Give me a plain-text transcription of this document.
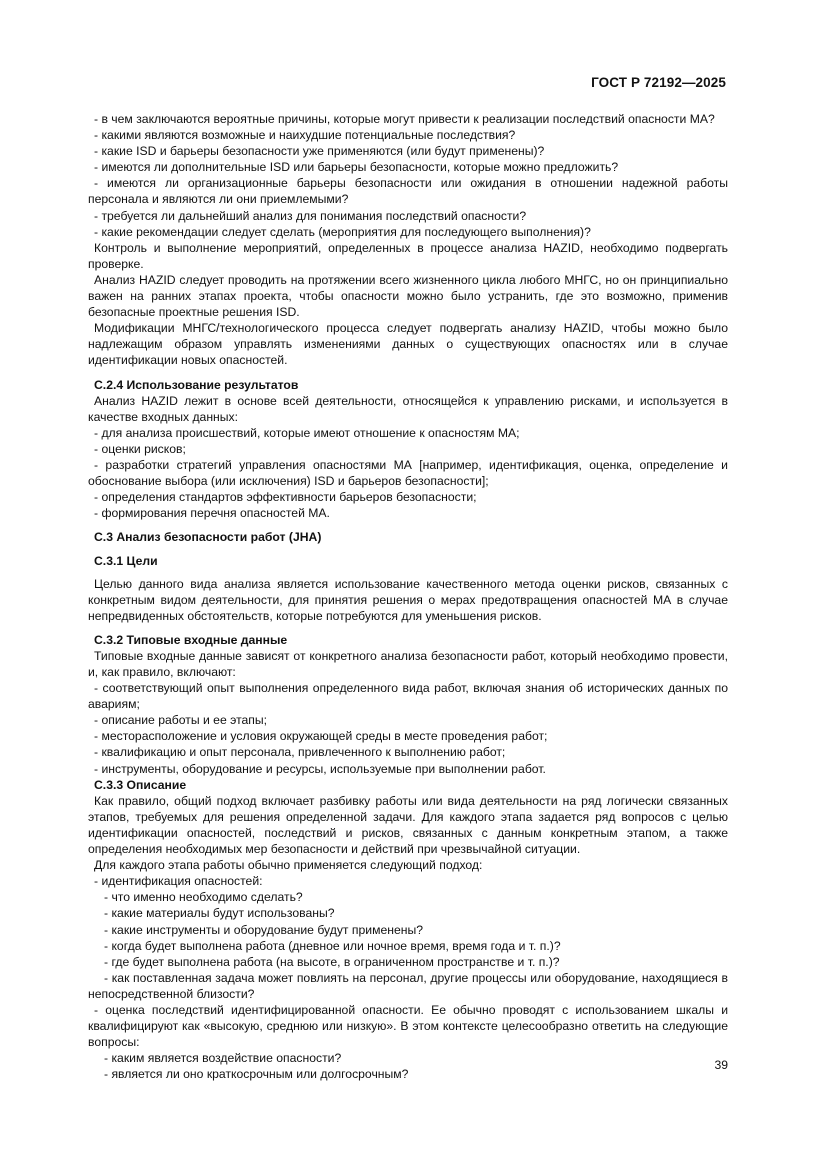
ГОСТ Р 72192—2025

- в чем заключаются вероятные причины, которые могут привести к реализации последствий опасности МА?

- какими являются возможные и наихудшие потенциальные последствия?

- какие ISD и барьеры безопасности уже применяются (или будут применены)?

- имеются ли дополнительные ISD или барьеры безопасности, которые можно предложить?

- имеются ли организационные барьеры безопасности или ожидания в отношении надежной работы персонала и являются ли они приемлемыми?

- требуется ли дальнейший анализ для понимания последствий опасности?

- какие рекомендации следует сделать (мероприятия для последующего выполнения)?

Контроль и выполнение мероприятий, определенных в процессе анализа HAZID, необходимо подвергать проверке.

Анализ HAZID следует проводить на протяжении всего жизненного цикла любого МНГС, но он принципиально важен на ранних этапах проекта, чтобы опасности можно было устранить, где это возможно, применив безопасные проектные решения ISD.

Модификации МНГС/технологического процесса следует подвергать анализу HAZID, чтобы можно было надлежащим образом управлять изменениями данных о существующих опасностях или в случае идентификации новых опасностей.

С.2.4 Использование результатов

Анализ HAZID лежит в основе всей деятельности, относящейся к управлению рисками, и используется в качестве входных данных:

- для анализа происшествий, которые имеют отношение к опасностям МА;

- оценки рисков;

- разработки стратегий управления опасностями МА [например, идентификация, оценка, определение и обоснование выбора (или исключения) ISD и барьеров безопасности];

- определения стандартов эффективности барьеров безопасности;

- формирования перечня опасностей МА.

С.3 Анализ безопасности работ (JHA)

С.3.1 Цели

Целью данного вида анализа является использование качественного метода оценки рисков, связанных с конкретным видом деятельности, для принятия решения о мерах предотвращения опасностей МА в случае непредвиденных обстоятельств, которые потребуются для уменьшения рисков.

С.3.2 Типовые входные данные

Типовые входные данные зависят от конкретного анализа безопасности работ, который необходимо провести, и, как правило, включают:

- соответствующий опыт выполнения определенного вида работ, включая знания об исторических данных по авариям;

- описание работы и ее этапы;

- месторасположение и условия окружающей среды в месте проведения работ;

- квалификацию и опыт персонала, привлеченного к выполнению работ;

- инструменты, оборудование и ресурсы, используемые при выполнении работ.

С.3.3 Описание

Как правило, общий подход включает разбивку работы или вида деятельности на ряд логически связанных этапов, требуемых для решения определенной задачи. Для каждого этапа задается ряд вопросов с целью идентификации опасностей, последствий и рисков, связанных с данным конкретным этапом, а также определения необходимых мер безопасности и действий при чрезвычайной ситуации.

Для каждого этапа работы обычно применяется следующий подход:

- идентификация опасностей:

- что именно необходимо сделать?

- какие материалы будут использованы?

- какие инструменты и оборудование будут применены?

- когда будет выполнена работа (дневное или ночное время, время года и т. п.)?

- где будет выполнена работа (на высоте, в ограниченном пространстве и т. п.)?

- как поставленная задача может повлиять на персонал, другие процессы или оборудование, находящиеся в непосредственной близости?

- оценка последствий идентифицированной опасности. Ее обычно проводят с использованием шкалы и квалифицируют как «высокую, среднюю или низкую». В этом контексте целесообразно ответить на следующие вопросы:

- каким является воздействие опасности?

- является ли оно краткосрочным или долгосрочным?

39
